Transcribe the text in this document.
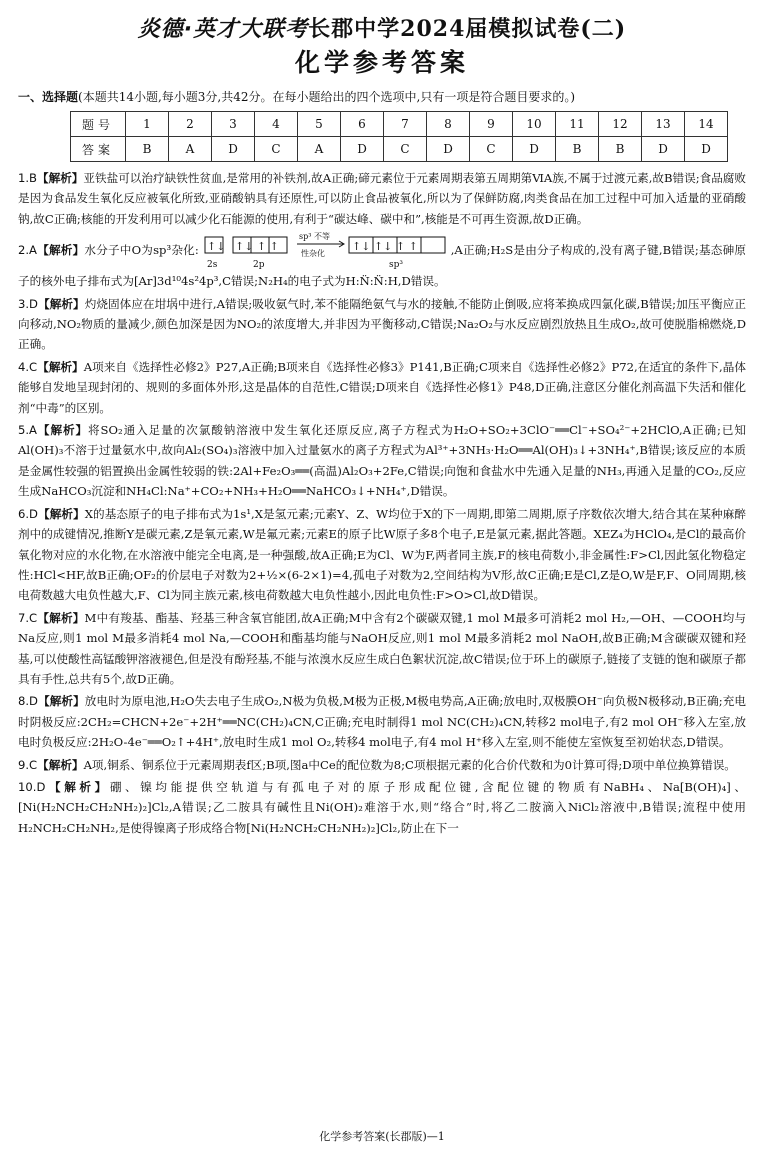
炎德·英才大联考长郡中学2024届模拟试卷(二)
化学参考答案
一、选择题(本题共14小题,每小题3分,共42分。在每小题给出的四个选项中,只有一项是符合题目要求的。)
题号	1	2	3	4	5	6	7	8	9	10	11	12	13	14
答案	B	A	D	C	A	D	C	D	C	D	B	B	D	D

1.B【解析】亚铁盐可以治疗缺铁性贫血,是常用的补铁剂,故A正确;碲元素位于元素周期表第五周期第ⅥA族,不属于过渡元素,故B错误;食品腐败是因为食品发生氧化反应被氧化所致,亚硝酸钠具有还原性,可以防止食品被氧化,所以为了保鲜防腐,肉类食品在加工过程中可加入适量的亚硝酸钠,故C正确;核能的开发利用可以减少化石能源的使用,有利于“碳达峰、碳中和”,核能是不可再生资源,故D正确。

2.A【解析】水分子中O为sp³杂化: ↑↓
2s
↑↓ ↑ ↑
2p
sp³ 不等
性杂化
↑↓ ↑↓ ↑ ↑
sp³
,A正确;H₂S是由分子构成的,没有离子键,B错误;基态砷原子的核外电子排布式为[Ar]3d¹⁰4s²4p³,C错误;N₂H₄的电子式为H:N̈:N̈:H,D错误。

3.D【解析】灼烧固体应在坩埚中进行,A错误;吸收氨气时,苯不能隔绝氨气与水的接触,不能防止倒吸,应将苯换成四氯化碳,B错误;加压平衡应正向移动,NO₂物质的量减少,颜色加深是因为NO₂的浓度增大,并非因为平衡移动,C错误;Na₂O₂与水反应剧烈放热且生成O₂,故可使脱脂棉燃烧,D正确。

4.C【解析】A项来自《选择性必修2》P27,A正确;B项来自《选择性必修3》P141,B正确;C项来自《选择性必修2》P72,在适宜的条件下,晶体能够自发地呈现封闭的、规则的多面体外形,这是晶体的自范性,C错误;D项来自《选择性必修1》P48,D正确,注意区分催化剂高温下失活和催化剂“中毒”的区别。

5.A【解析】将SO₂通入足量的次氯酸钠溶液中发生氧化还原反应,离子方程式为H₂O+SO₂+3ClO⁻══Cl⁻+SO₄²⁻+2HClO,A正确;已知Al(OH)₃不溶于过量氨水中,故向Al₂(SO₄)₃溶液中加入过量氨水的离子方程式为Al³⁺+3NH₃·H₂O══Al(OH)₃↓+3NH₄⁺,B错误;该反应的本质是金属性较强的铝置换出金属性较弱的铁:2Al+Fe₂O₃══(高温)Al₂O₃+2Fe,C错误;向饱和食盐水中先通入足量的NH₃,再通入足量的CO₂,反应生成NaHCO₃沉淀和NH₄Cl:Na⁺+CO₂+NH₃+H₂O══NaHCO₃↓+NH₄⁺,D错误。

6.D【解析】X的基态原子的电子排布式为1s¹,X是氢元素;元素Y、Z、W均位于X的下一周期,即第二周期,原子序数依次增大,结合其在某种麻醉剂中的成键情况,推断Y是碳元素,Z是氧元素,W是氟元素;元素E的原子比W原子多8个电子,E是氯元素,据此答题。XEZ₄为HClO₄,是Cl的最高价氧化物对应的水化物,在水溶液中能完全电离,是一种强酸,故A正确;E为Cl、W为F,两者同主族,F的核电荷数小,非金属性:F>Cl,因此氢化物稳定性:HCl<HF,故B正确;OF₂的价层电子对数为2+½×(6-2×1)=4,孤电子对数为2,空间结构为V形,故C正确;E是Cl,Z是O,W是F,F、O同周期,核电荷数越大电负性越大,F、Cl为同主族元素,核电荷数越大电负性越小,因此电负性:F>O>Cl,故D错误。

7.C【解析】M中有羧基、酯基、羟基三种含氧官能团,故A正确;M中含有2个碳碳双键,1 mol M最多可消耗2 mol H₂,—OH、—COOH均与Na反应,则1 mol M最多消耗4 mol Na,—COOH和酯基均能与NaOH反应,则1 mol M最多消耗2 mol NaOH,故B正确;M含碳碳双键和羟基,可以使酸性高锰酸钾溶液褪色,但是没有酚羟基,不能与浓溴水反应生成白色絮状沉淀,故C错误;位于环上的碳原子,链接了支链的饱和碳原子都具有手性,总共有5个,故D正确。

8.D【解析】放电时为原电池,H₂O失去电子生成O₂,N极为负极,M极为正极,M极电势高,A正确;放电时,双极膜OH⁻向负极N极移动,B正确;充电时阴极反应:2CH₂=CHCN+2e⁻+2H⁺══NC(CH₂)₄CN,C正确;充电时制得1 mol NC(CH₂)₄CN,转移2 mol电子,有2 mol OH⁻移入左室,放电时负极反应:2H₂O-4e⁻══O₂↑+4H⁺,放电时生成1 mol O₂,转移4 mol电子,有4 mol H⁺移入左室,则不能使左室恢复至初始状态,D错误。

9.C【解析】A项,铜系、铜系位于元素周期表f区;B项,图a中Ce的配位数为8;C项根据元素的化合价代数和为0计算可得;D项中单位换算错误。

10.D【解析】硼、镍均能提供空轨道与有孤电子对的原子形成配位键,含配位键的物质有NaBH₄、Na[B(OH)₄]、[Ni(H₂NCH₂CH₂NH₂)₂]Cl₂,A错误;乙二胺具有碱性且Ni(OH)₂难溶于水,则“络合”时,将乙二胺滴入NiCl₂溶液中,B错误;流程中使用H₂NCH₂CH₂NH₂,是使得镍离子形成络合物[Ni(H₂NCH₂CH₂NH₂)₂]Cl₂,防止在下一

化学参考答案(长郡版)—1
